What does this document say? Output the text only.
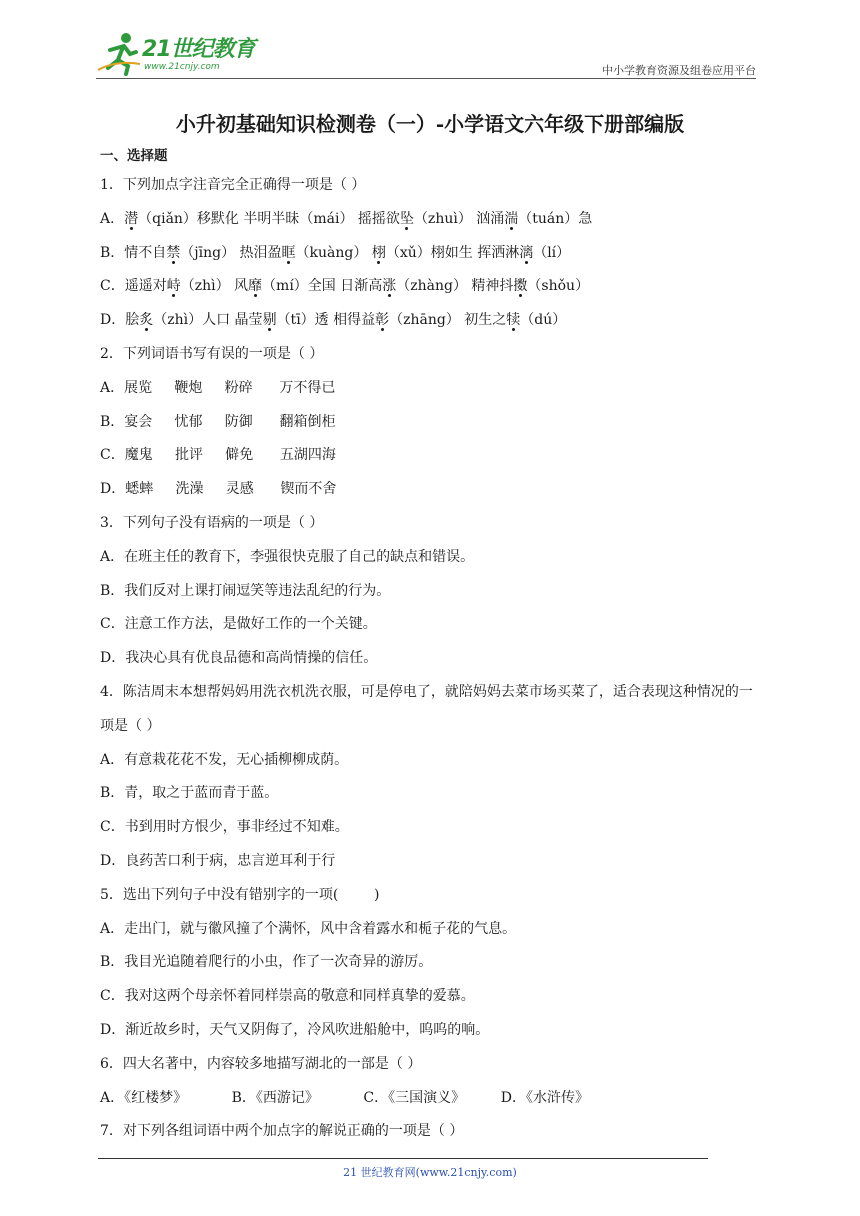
21世纪教育
www.21cnjy.com	中小学教育资源及组卷应用平台
小升初基础知识检测卷（一）-小学语文六年级下册部编版
一、选择题
1．下列加点字注音完全正确得一项是（ ）
A．潜（qiǎn）移默化 半明半昧（mái） 摇摇欲坠（zhuì） 汹涌湍（tuán）急
B．情不自禁（jīng） 热泪盈眶（kuàng） 栩（xǔ）栩如生 挥洒淋漓（lí）
C．遥遥对峙（zhì） 风靡（mí）全国 日渐高涨（zhàng） 精神抖擞（shǒu）
D．脍炙（zhì）人口 晶莹剔（tī）透 相得益彰（zhāng） 初生之犊（dú）
2．下列词语书写有误的一项是（ ）
A．展览     鞭炮     粉碎      万不得已
B．宴会     忧郁     防御      翻箱倒柜
C．魔鬼     批评     僻免      五湖四海
D．蟋蟀     洗澡     灵感      锲而不舍
3．下列句子没有语病的一项是（ ）
A．在班主任的教育下，李强很快克服了自己的缺点和错误。
B．我们反对上课打闹逗笑等违法乱纪的行为。
C．注意工作方法，是做好工作的一个关键。
D．我决心具有优良品德和高尚情操的信任。
4．陈洁周末本想帮妈妈用洗衣机洗衣服，可是停电了，就陪妈妈去菜市场买菜了，适合表现这种情况的一项是（ ）
A．有意栽花花不发，无心插柳柳成荫。
B．青，取之于蓝而青于蓝。
C．书到用时方恨少，事非经过不知难。
D．良药苦口利于病，忠言逆耳利于行
5．选出下列句子中没有错别字的一项(        )
A．走出门，就与徽风撞了个满怀，风中含着露水和栀子花的气息。
B．我目光追随着爬行的小虫，作了一次奇异的游厉。
C．我对这两个母亲怀着同样崇高的敬意和同样真挚的爱慕。
D．渐近故乡时，天气又阴侮了，冷风吹进船舱中，呜呜的响。
6．四大名著中，内容较多地描写湖北的一部是（ ）
A．《红楼梦》          B．《西游记》          C．《三国演义》        D．《水浒传》
7．对下列各组词语中两个加点字的解说正确的一项是（ ）
21 世纪教育网(www.21cnjy.com)
